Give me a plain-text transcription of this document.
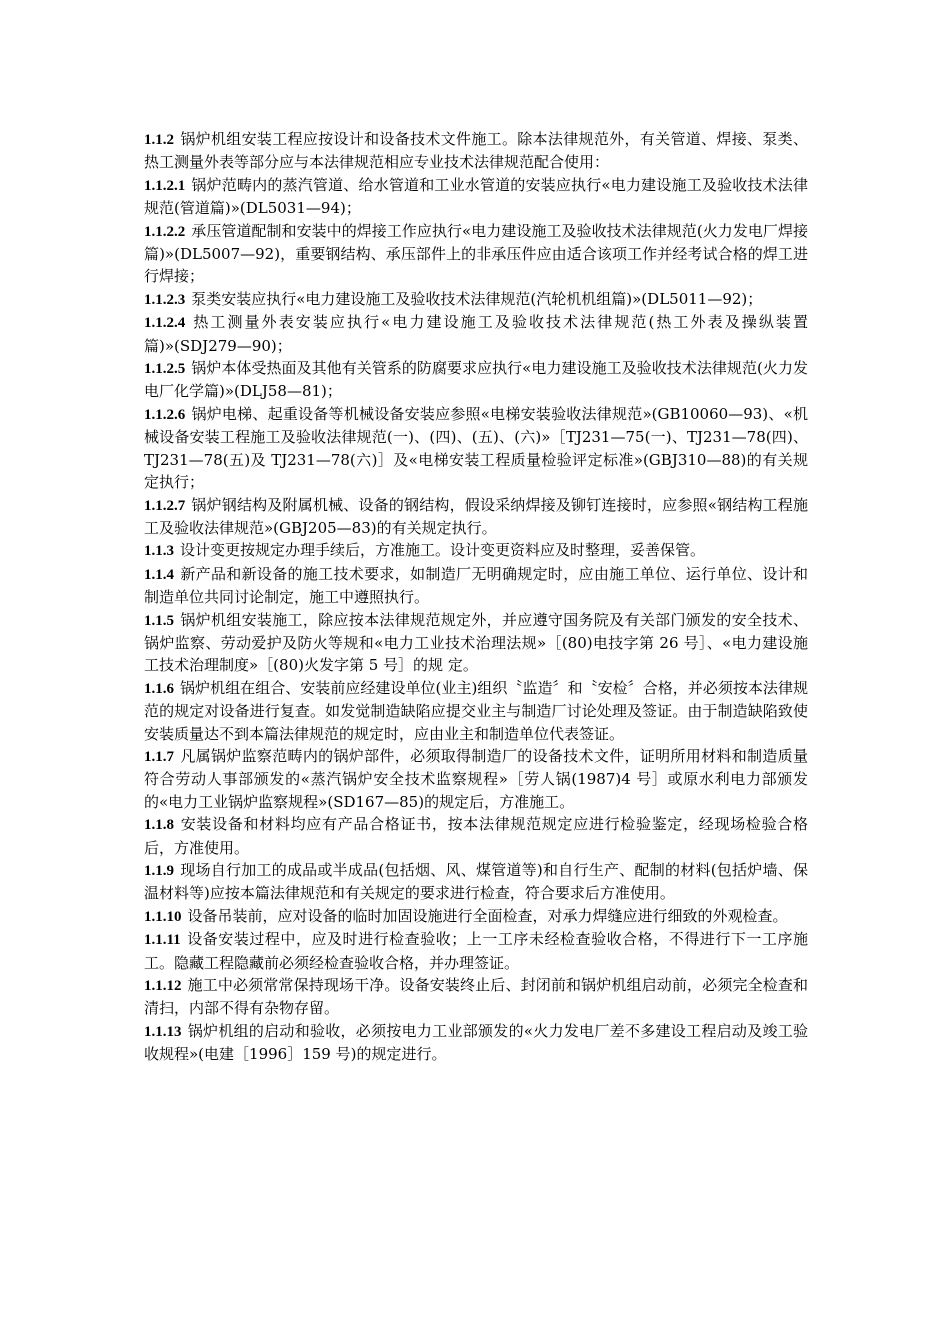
1.1.2 锅炉机组安装工程应按设计和设备技术文件施工。除本法律规范外，有关管道、焊接、泵类、热工测量外表等部分应与本法律规范相应专业技术法律规范配合使用：

1.1.2.1 锅炉范畴内的蒸汽管道、给水管道和工业水管道的安装应执行«电力建设施工及验收技术法律规范(管道篇)»(DL5031—94)；

1.1.2.2 承压管道配制和安装中的焊接工作应执行«电力建设施工及验收技术法律规范(火力发电厂焊接篇)»(DL5007—92)，重要钢结构、承压部件上的非承压件应由适合该项工作并经考试合格的焊工进行焊接；

1.1.2.3 泵类安装应执行«电力建设施工及验收技术法律规范(汽轮机机组篇)»(DL5011—92)；

1.1.2.4 热工测量外表安装应执行«电力建设施工及验收技术法律规范(热工外表及操纵装置篇)»(SDJ279—90)；

1.1.2.5 锅炉本体受热面及其他有关管系的防腐要求应执行«电力建设施工及验收技术法律规范(火力发电厂化学篇)»(DLJ58—81)；

1.1.2.6 锅炉电梯、起重设备等机械设备安装应参照«电梯安装验收法律规范»(GB10060—93)、«机械设备安装工程施工及验收法律规范(一)、(四)、(五)、(六)»［TJ231—75(一)、TJ231—78(四)、TJ231—78(五)及 TJ231—78(六)］及«电梯安装工程质量检验评定标准»(GBJ310—88)的有关规定执行；

1.1.2.7 锅炉钢结构及附属机械、设备的钢结构，假设采纳焊接及铆钉连接时，应参照«钢结构工程施工及验收法律规范»(GBJ205—83)的有关规定执行。

1.1.3 设计变更按规定办理手续后，方准施工。设计变更资料应及时整理，妥善保管。

1.1.4 新产品和新设备的施工技术要求，如制造厂无明确规定时，应由施工单位、运行单位、设计和制造单位共同讨论制定，施工中遵照执行。

1.1.5 锅炉机组安装施工，除应按本法律规范规定外，并应遵守国务院及有关部门颁发的安全技术、锅炉监察、劳动爱护及防火等规和«电力工业技术治理法规»［(80)电技字第 26 号］、«电力建设施工技术治理制度»［(80)火发字第 5 号］的规 定。

1.1.6 锅炉机组在组合、安装前应经建设单位(业主)组织〝监造〞和〝安检〞合格，并必须按本法律规范的规定对设备进行复查。如发觉制造缺陷应提交业主与制造厂讨论处理及签证。由于制造缺陷致使安装质量达不到本篇法律规范的规定时，应由业主和制造单位代表签证。

1.1.7 凡属锅炉监察范畴内的锅炉部件，必须取得制造厂的设备技术文件，证明所用材料和制造质量符合劳动人事部颁发的«蒸汽锅炉安全技术监察规程»［劳人锅(1987)4 号］或原水利电力部颁发的«电力工业锅炉监察规程»(SD167—85)的规定后，方准施工。

1.1.8 安装设备和材料均应有产品合格证书，按本法律规范规定应进行检验鉴定，经现场检验合格后，方准使用。

1.1.9 现场自行加工的成品或半成品(包括烟、风、煤管道等)和自行生产、配制的材料(包括炉墙、保温材料等)应按本篇法律规范和有关规定的要求进行检查，符合要求后方准使用。

1.1.10 设备吊装前，应对设备的临时加固设施进行全面检查，对承力焊缝应进行细致的外观检查。

1.1.11 设备安装过程中，应及时进行检查验收；上一工序未经检查验收合格，不得进行下一工序施工。隐藏工程隐藏前必须经检查验收合格，并办理签证。

1.1.12 施工中必须常常保持现场干净。设备安装终止后、封闭前和锅炉机组启动前，必须完全检查和清扫，内部不得有杂物存留。

1.1.13 锅炉机组的启动和验收，必须按电力工业部颁发的«火力发电厂差不多建设工程启动及竣工验收规程»(电建［1996］159 号)的规定进行。
